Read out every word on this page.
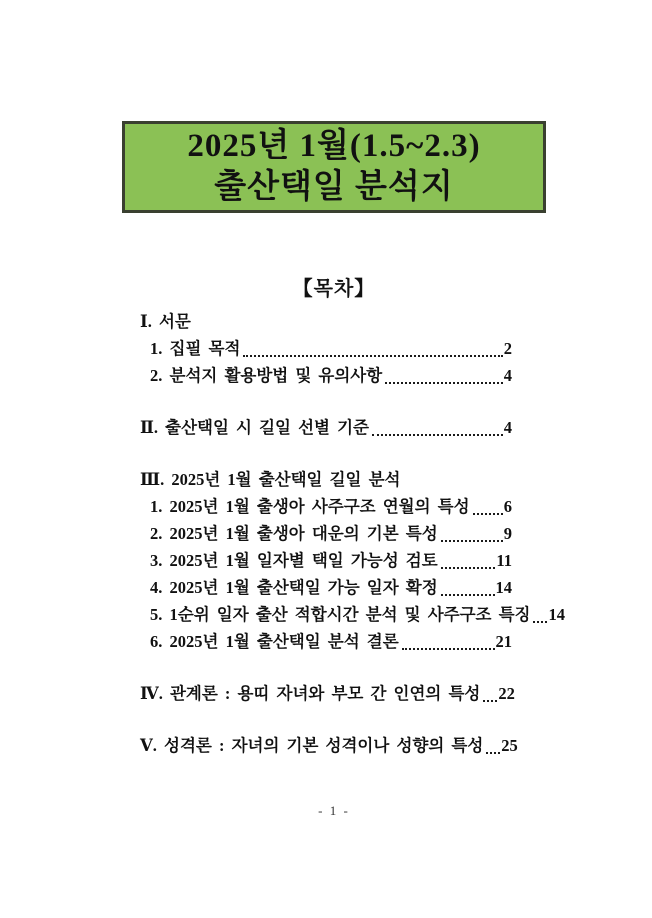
2025년 1월(1.5~2.3)
출산택일 분석지
【목차】
Ⅰ. 서문
1. 집필 목적	2
2. 분석지 활용방법 및 유의사항	4
Ⅱ. 출산택일 시 길일 선별 기준	4
Ⅲ. 2025년 1월 출산택일 길일 분석
1. 2025년 1월 출생아 사주구조 연월의 특성 6
2. 2025년 1월 출생아 대운의 기본 특성	9
3. 2025년 1월 일자별 택일 가능성 검토	11
4. 2025년 1월 출산택일 가능 일자 확정	14
5. 1순위 일자 출산 적합시간 분석 및 사주구조 특징 14
6. 2025년 1월 출산택일 분석 결론	21
Ⅳ. 관계론 : 용띠 자녀와 부모 간 인연의 특성 22
Ⅴ. 성격론 : 자녀의 기본 성격이나 성향의 특성 25
- 1 -
